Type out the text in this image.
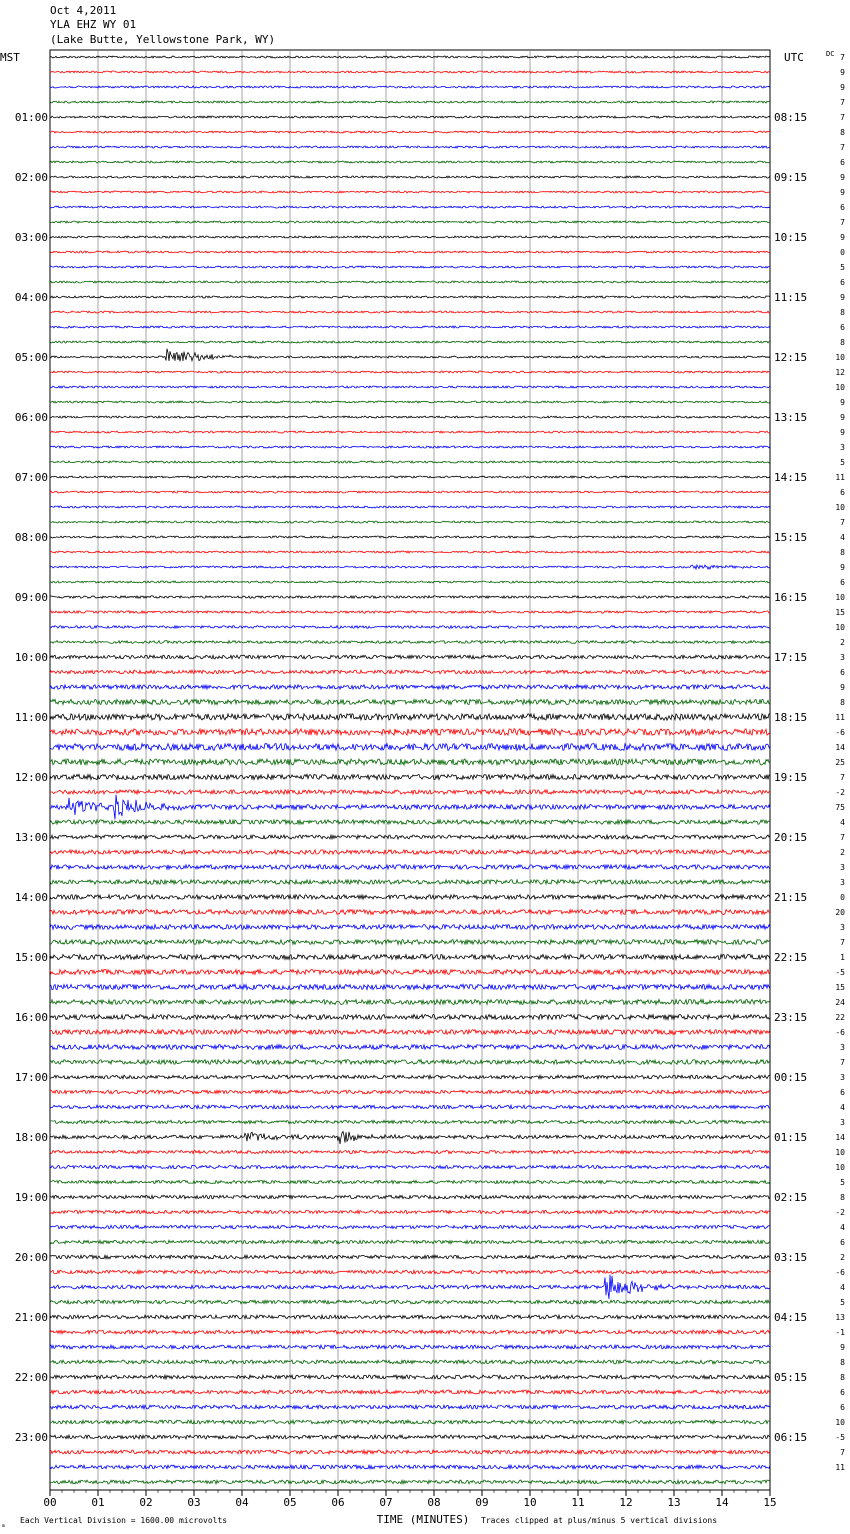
Oct 4,2011
YLA EHZ WY 01
(Lake Butte, Yellowstone Park, WY)
00	01	02	03	04	05	06	07	08	09	10	11	12	13	14	15
7
9
9
7
7
8
7
6
9
9
6
7
9
0
5
6
9
8
6
8
10
12
10
9
9
9
3
5
11
6
10
7
4
8
9
6
10
15
10
2
3
6
9
8
11
-6
14
25
7
-2
75
4
7
2
3
3
0
20
3
7
1
-5
15
24
22
-6
3
7
3
6
4
3
14
10
10
5
8
-2
4
6
2
-6
4
5
13
-1
9
8
8
6
6
10
-5
7
11
01:00
02:00
03:00
04:00
05:00
06:00
07:00
08:00
09:00
10:00
11:00
12:00
13:00
14:00
15:00
16:00
17:00
18:00
19:00
20:00
21:00
22:00
23:00
08:15
09:15
10:15
11:15
12:15
13:15
14:15
15:15
16:15
17:15
18:15
19:15
20:15
21:15
22:15
23:15
00:15
01:15
02:15
03:15
04:15
05:15
06:15
MST	UTC	DC
TIME (MINUTES)
Each Vertical Division = 1600.00 microvolts	Traces clipped at plus/minus 5 vertical divisions
ₘ
